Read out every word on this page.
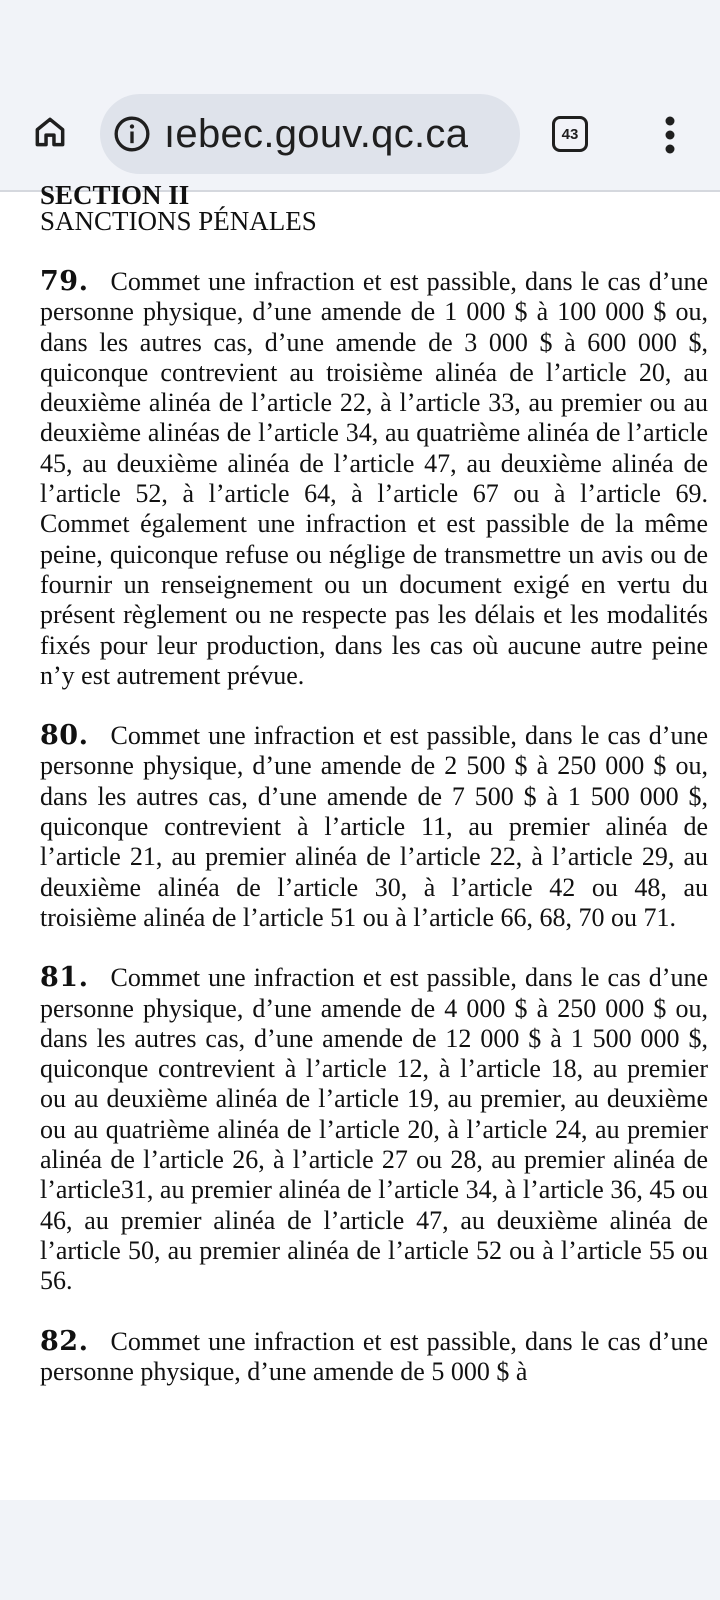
ıebec.gouv.qc.ca	43
SECTION II
SANCTIONS PÉNALES

79. Commet une infraction et est passible, dans le cas d’une personne physique, d’une amende de 1 000 $ à 100 000 $ ou, dans les autres cas, d’une amende de 3 000 $ à 600 000 $, quiconque contrevient au troisième alinéa de l’article 20, au deuxième alinéa de l’article 22, à l’article 33, au premier ou au deuxième alinéas de l’article 34, au quatrième alinéa de l’article 45, au deuxième alinéa de l’article 47, au deuxième alinéa de l’article 52, à l’article 64, à l’article 67 ou à l’article 69. Commet également une infraction et est passible de la même peine, quiconque refuse ou néglige de transmettre un avis ou de fournir un renseignement ou un document exigé en vertu du présent règlement ou ne respecte pas les délais et les modalités fixés pour leur production, dans les cas où aucune autre peine n’y est autrement prévue.

80. Commet une infraction et est passible, dans le cas d’une personne physique, d’une amende de 2 500 $ à 250 000 $ ou, dans les autres cas, d’une amende de 7 500 $ à 1 500 000 $, quiconque contrevient à l’article 11, au premier alinéa de l’article 21, au premier alinéa de l’article 22, à l’article 29, au deuxième alinéa de l’article 30, à l’article 42 ou 48, au troisième alinéa de l’article 51 ou à l’article 66, 68, 70 ou 71.

81. Commet une infraction et est passible, dans le cas d’une personne physique, d’une amende de 4 000 $ à 250 000 $ ou, dans les autres cas, d’une amende de 12 000 $ à 1 500 000 $, quiconque contrevient à l’article 12, à l’article 18, au premier ou au deuxième alinéa de l’article 19, au premier, au deuxième ou au quatrième alinéa de l’article 20, à l’article 24, au premier alinéa de l’article 26, à l’article 27 ou 28, au premier alinéa de l’article31, au premier alinéa de l’article 34, à l’article 36, 45 ou 46, au premier alinéa de l’article 47, au deuxième alinéa de l’article 50, au premier alinéa de l’article 52 ou à l’article 55 ou 56.

82. Commet une infraction et est passible, dans le cas d’une personne physique, d’une amende de 5 000 $ à
